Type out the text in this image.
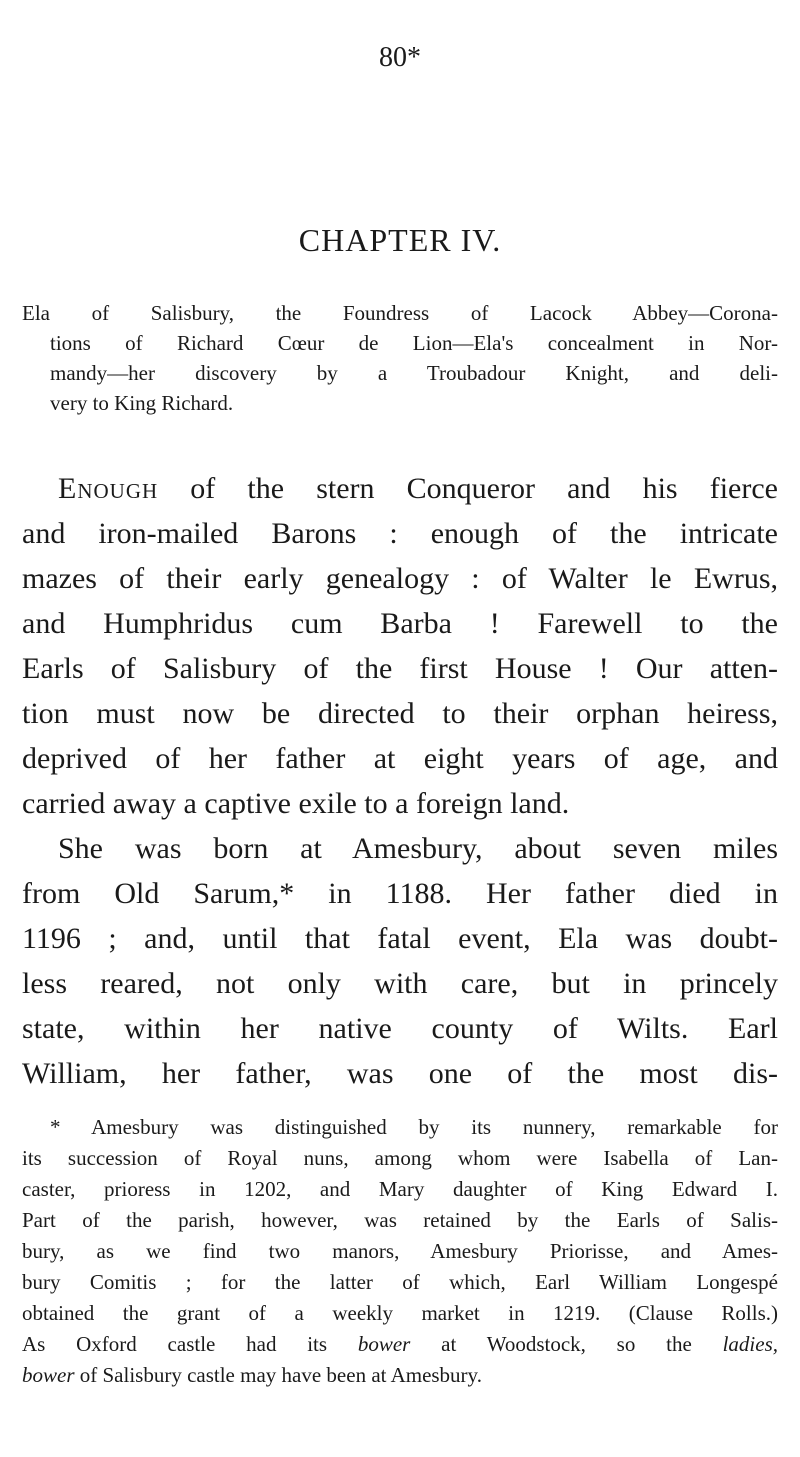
80*
CHAPTER IV.
Ela of Salisbury, the Foundress of Lacock Abbey—Corona-
tions of Richard Cœur de Lion—Ela's concealment in Nor-
mandy—her discovery by a Troubadour Knight, and deli-
very to King Richard.
Enough of the stern Conqueror and his fierce
and iron-mailed Barons : enough of the intricate
mazes of their early genealogy : of Walter le Ewrus,
and Humphridus cum Barba ! Farewell to the
Earls of Salisbury of the first House ! Our atten-
tion must now be directed to their orphan heiress,
deprived of her father at eight years of age, and
carried away a captive exile to a foreign land.
She was born at Amesbury, about seven miles
from Old Sarum,* in 1188. Her father died in
1196 ; and, until that fatal event, Ela was doubt-
less reared, not only with care, but in princely
state, within her native county of Wilts. Earl
William, her father, was one of the most dis-
* Amesbury was distinguished by its nunnery, remarkable for
its succession of Royal nuns, among whom were Isabella of Lan-
caster, prioress in 1202, and Mary daughter of King Edward I.
Part of the parish, however, was retained by the Earls of Salis-
bury, as we find two manors, Amesbury Priorisse, and Ames-
bury Comitis ; for the latter of which, Earl William Longespé
obtained the grant of a weekly market in 1219. (Clause Rolls.)
As Oxford castle had its bower at Woodstock, so the ladies,
bower of Salisbury castle may have been at Amesbury.
